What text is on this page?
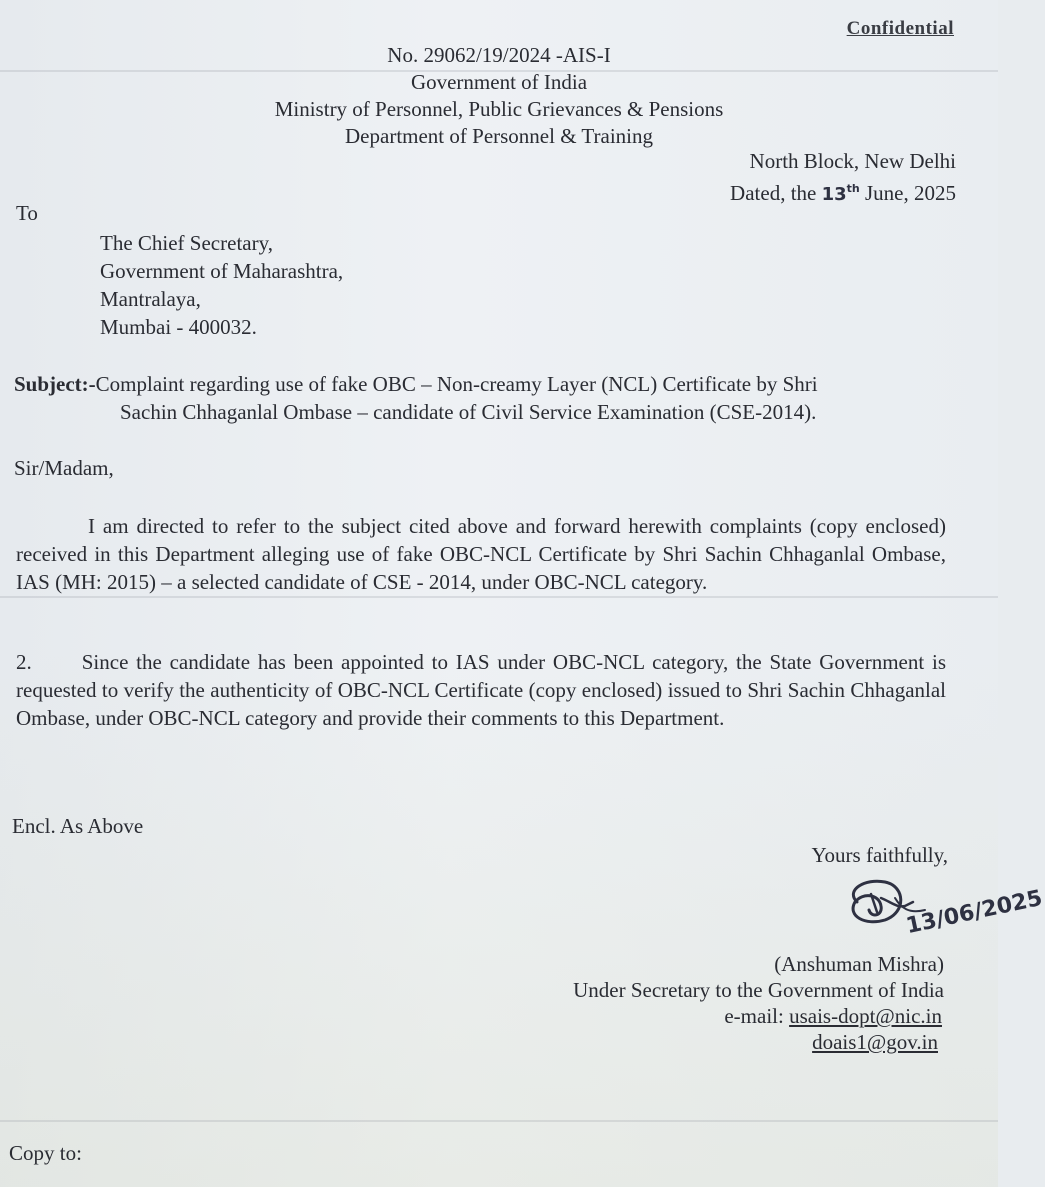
Confidential
No. 29062/19/2024 -AIS-I
Government of India
Ministry of Personnel, Public Grievances & Pensions
Department of Personnel & Training
North Block, New Delhi
Dated, the 13th June, 2025
To
The Chief Secretary,
Government of Maharashtra,
Mantralaya,
Mumbai - 400032.
Subject:-Complaint regarding use of fake OBC – Non-creamy Layer (NCL) Certificate by Shri
Sachin Chhaganlal Ombase – candidate of Civil Service Examination (CSE-2014).
Sir/Madam,
I am directed to refer to the subject cited above and forward herewith complaints (copy enclosed) received in this Department alleging use of fake OBC-NCL Certificate by Shri Sachin Chhaganlal Ombase, IAS (MH: 2015) – a selected candidate of CSE - 2014, under OBC-NCL category.
2. Since the candidate has been appointed to IAS under OBC-NCL category, the State Government is requested to verify the authenticity of OBC-NCL Certificate (copy enclosed) issued to Shri Sachin Chhaganlal Ombase, under OBC-NCL category and provide their comments to this Department.
Encl. As Above
Yours faithfully,
13/06/2025
(Anshuman Mishra)
Under Secretary to the Government of India
e-mail: usais-dopt@nic.in
doais1@gov.in
Copy to:
